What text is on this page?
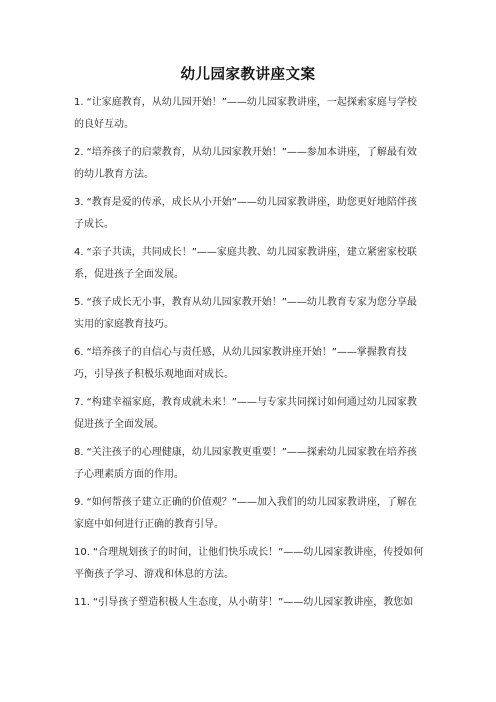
幼儿园家教讲座文案

1. “让家庭教育，从幼儿园开始！”——幼儿园家教讲座，一起探索家庭与学校的良好互动。

2. “培养孩子的启蒙教育，从幼儿园家教开始！”——参加本讲座，了解最有效的幼儿教育方法。

3. “教育是爱的传承，成长从小开始”——幼儿园家教讲座，助您更好地陪伴孩子成长。

4. “亲子共读，共同成长！”——家庭共教、幼儿园家教讲座，建立紧密家校联系，促进孩子全面发展。

5. “孩子成长无小事，教育从幼儿园家教开始！”——幼儿教育专家为您分享最实用的家庭教育技巧。

6. “培养孩子的自信心与责任感，从幼儿园家教讲座开始！”——掌握教育技巧，引导孩子积极乐观地面对成长。

7. “构建幸福家庭，教育成就未来！”——与专家共同探讨如何通过幼儿园家教促进孩子全面发展。

8. “关注孩子的心理健康，幼儿园家教更重要！”——探索幼儿园家教在培养孩子心理素质方面的作用。

9. “如何帮孩子建立正确的价值观？”——加入我们的幼儿园家教讲座，了解在家庭中如何进行正确的教育引导。

10. “合理规划孩子的时间，让他们快乐成长！”——幼儿园家教讲座，传授如何平衡孩子学习、游戏和休息的方法。

11. “引导孩子塑造积极人生态度，从小萌芽！”——幼儿园家教讲座，教您如
